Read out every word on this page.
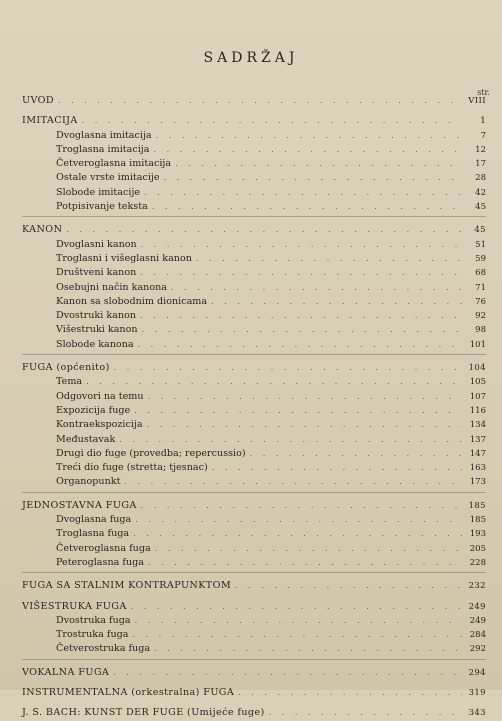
SADRŽAJ
str.
UVOD . . .	VIII
IMITACIJA . . .	1
Dvoglasna imitacija . . .	7
Troglasna imitacija . . .	12
Četveroglasna imitacija . . .	17
Ostale vrste imitacije . . .	28
Slobode imitacije . . .	42
Potpisivanje teksta . . .	45
KANON . . .	45
Dvoglasni kanon . . .	51
Troglasni i višeglasni kanon . . .	59
Društveni kanon . . .	68
Osebujni način kanona . . .	71
Kanon sa slobodnim dionicama . . .	76
Dvostruki kanon . . .	92
Višestruki kanon . . .	98
Slobode kanona . . .	101
FUGA (općenito) . . .	104
Tema . . .	105
Odgovori na temu . . .	107
Expozicija fuge . . .	116
Kontraekspozicija . . .	134
Međustavak . . .	137
Drugi dio fuge (provedba; repercussio) . . .	147
Treći dio fuge (stretta; tjesnac) . . .	163
Organopunkt . . .	173
JEDNOSTAVNA FUGA . . .	185
Dvoglasna fuga . . .	185
Troglasna fuga . . .	193
Četveroglasna fuga . . .	205
Peteroglasna fuga . . .	228
FUGA SA STALNIM KONTRAPUNKTOM . . .	232
VIŠESTRUKA FUGA . . .	249
Dvostruka fuga . . .	249
Trostruka fuga . . .	284
Četverostruka fuga . . .	292
VOKALNA FUGA . . .	294
INSTRUMENTALNA (orkestralna) FUGA . . .	319
J. S. BACH: KUNST DER FUGE (Umijeće fuge) . . .	343
